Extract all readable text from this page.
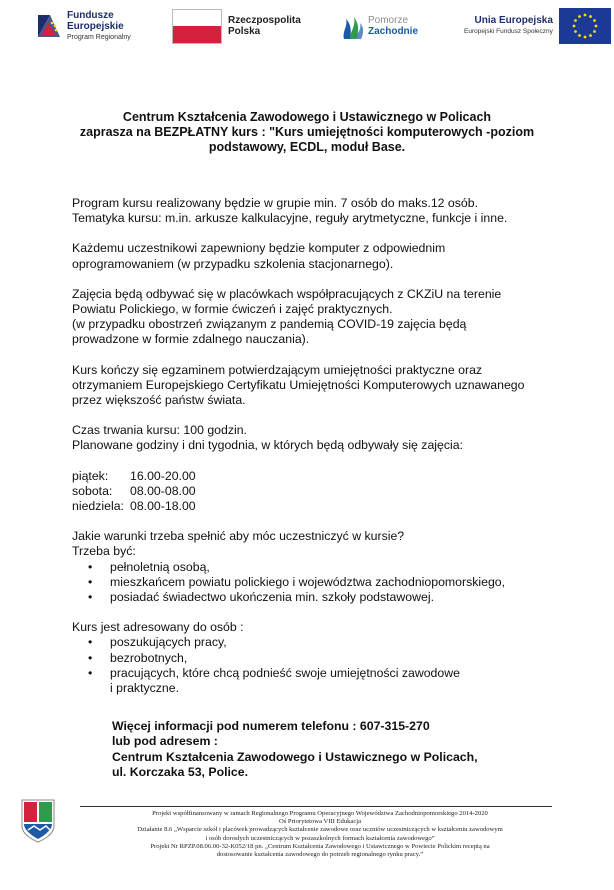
Fundusze
Europejskie
Program Regionalny
Rzeczpospolita
Polska
Pomorze
Zachodnie
Unia Europejska
Europejski Fundusz Społeczny
Centrum Kształcenia Zawodowego i Ustawicznego w Policach
zaprasza na BEZPŁATNY kurs : "Kurs umiejętności komputerowych -poziom
podstawowy, ECDL, moduł Base.

Program kursu realizowany będzie w grupie min. 7 osób do maks.12 osób.

Tematyka kursu: m.in. arkusze kalkulacyjne, reguły arytmetyczne, funkcje i inne.

Każdemu uczestnikowi zapewniony będzie komputer z odpowiednim

oprogramowaniem (w przypadku szkolenia stacjonarnego).

Zajęcia będą odbywać się w placówkach współpracujących z CKZiU na terenie

Powiatu Polickiego, w formie ćwiczeń i zajęć praktycznych.

(w przypadku obostrzeń związanym z pandemią COVID-19 zajęcia będą

prowadzone w formie zdalnego nauczania).

Kurs kończy się egzaminem potwierdzającym umiejętności praktyczne oraz

otrzymaniem Europejskiego Certyfikatu Umiejętności Komputerowych uznawanego

przez większość państw świata.

Czas trwania kursu: 100 godzin.

Planowane godziny i dni tygodnia, w których będą odbywały się zajęcia:

piątek:	16.00-20.00
sobota:	08.00-08.00
niedziela: 08.00-18.00

Jakie warunki trzeba spełnić aby móc uczestniczyć w kursie?

Trzeba być:

• pełnoletnią osobą,
• mieszkańcem powiatu polickiego i województwa zachodniopomorskiego,
• posiadać świadectwo ukończenia min. szkoły podstawowej.

Kurs jest adresowany do osób :

• poszukujących pracy,
• bezrobotnych,
• pracujących, które chcą podnieść swoje umiejętności zawodowe
i praktyczne.

Więcej informacji pod numerem telefonu : 607-315-270

lub pod adresem :

Centrum Kształcenia Zawodowego i Ustawicznego w Policach,

ul. Korczaka 53, Police.

Projekt współfinansowany w ramach Regionalnego Programu Operacyjnego Województwa Zachodniopomorskiego 2014-2020

Oś Priorytetowa VIII Edukacja

Działanie 8.6 „Wsparcie szkół i placówek prowadzących kształcenie zawodowe oraz uczniów uczestniczących w kształceniu zawodowym

i osób dorosłych uczestniczących w pozaszkolnych formach kształcenia zawodowego”

Projekt Nr RPZP.08.06.00-32-K052/18 pn. „Centrum Kształcenia Zawodowego i Ustawicznego w Powiecie Polickim receptą na

dostosowanie kształcenia zawodowego do potrzeb regionalnego rynku pracy.”
